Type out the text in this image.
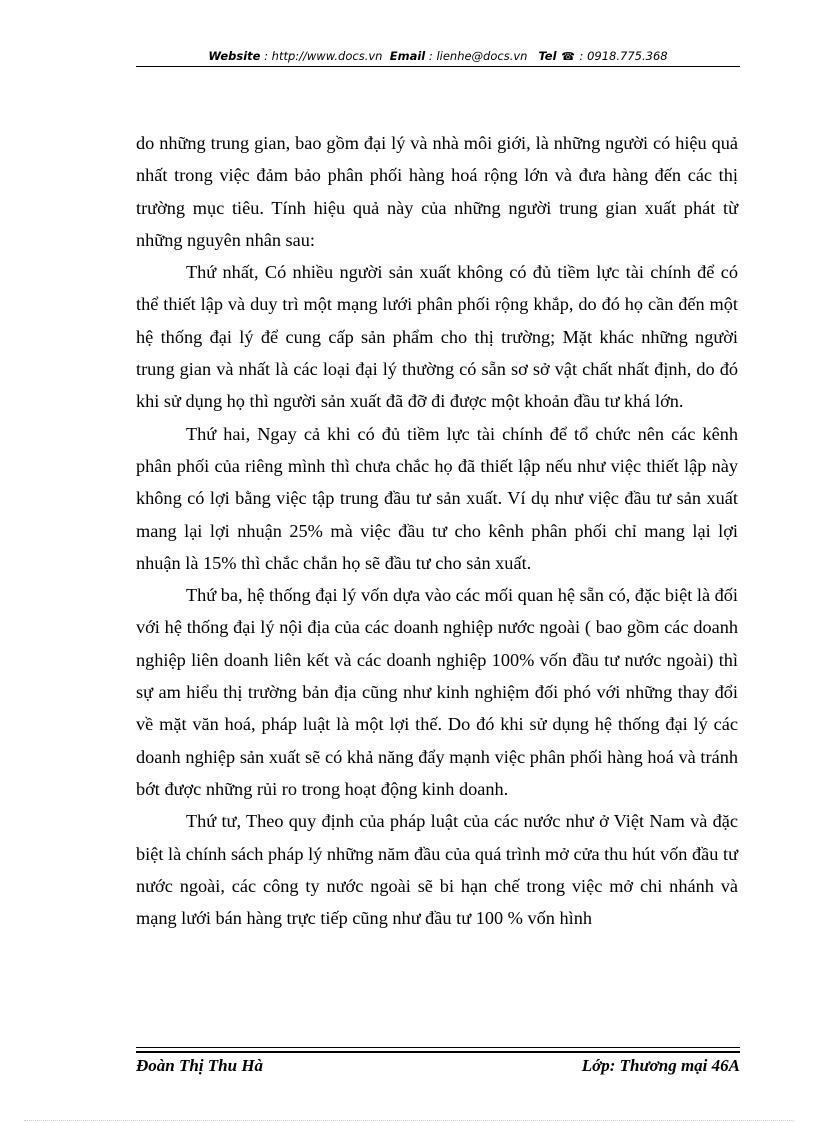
Website : http://www.docs.vn Email : lienhe@docs.vn Tel ☎ : 0918.775.368

do những trung gian, bao gồm đại lý và nhà môi giới, là những người có hiệu quả nhất trong việc đảm bảo phân phối hàng hoá rộng lớn và đưa hàng đến các thị trường mục tiêu. Tính hiệu quả này của những người trung gian xuất phát từ những nguyên nhân sau:

Thứ nhất, Có nhiều người sản xuất không có đủ tiềm lực tài chính để có thể thiết lập và duy trì một mạng lưới phân phối rộng khắp, do đó họ cần đến một hệ thống đại lý để cung cấp sản phẩm cho thị trường; Mặt khác những người trung gian và nhất là các loại đại lý thường có sẵn sơ sở vật chất nhất định, do đó khi sử dụng họ thì người sản xuất đã đỡ đi được một khoản đầu tư khá lớn.

Thứ hai, Ngay cả khi có đủ tiềm lực tài chính để tổ chức nên các kênh phân phối của riêng mình thì chưa chắc họ đã thiết lập nếu như việc thiết lập này không có lợi bằng việc tập trung đầu tư sản xuất. Ví dụ như việc đầu tư sản xuất mang lại lợi nhuận 25% mà việc đầu tư cho kênh phân phối chỉ mang lại lợi nhuận là 15% thì chắc chắn họ sẽ đầu tư cho sản xuất.

Thứ ba, hệ thống đại lý vốn dựa vào các mối quan hệ sẵn có, đặc biệt là đối với hệ thống đại lý nội địa của các doanh nghiệp nước ngoài ( bao gồm các doanh nghiệp liên doanh liên kết và các doanh nghiệp 100% vốn đầu tư nước ngoài) thì sự am hiểu thị trường bản địa cũng như kinh nghiệm đối phó với những thay đổi về mặt văn hoá, pháp luật là một lợi thế. Do đó khi sử dụng hệ thống đại lý các doanh nghiệp sản xuất sẽ có khả năng đẩy mạnh việc phân phối hàng hoá và tránh bớt được những rủi ro trong hoạt động kinh doanh.

Thứ tư, Theo quy định của pháp luật của các nước như ở Việt Nam và đặc biệt là chính sách pháp lý những năm đầu của quá trình mở cửa thu hút vốn đầu tư nước ngoài, các công ty nước ngoài sẽ bi hạn chế trong việc mở chi nhánh và mạng lưới bán hàng trực tiếp cũng như đầu tư 100 % vốn hình

Đoàn Thị Thu Hà	Lớp: Thương mại 46A
